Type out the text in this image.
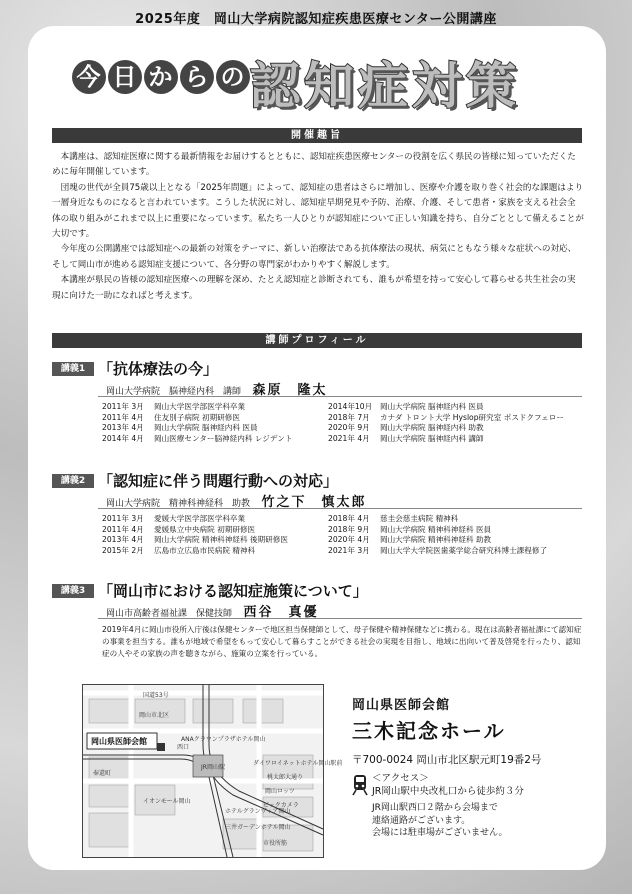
2025年度　岡山大学病院認知症疾患医療センター公開講座
今 日 か ら の 認知症対策
開催趣旨

本講座は、認知症医療に関する最新情報をお届けするとともに、認知症疾患医療センターの役割を広く県民の皆様に知っていただくために毎年開催しています。

団塊の世代が全員75歳以上となる「2025年問題」によって、認知症の患者はさらに増加し、医療や介護を取り巻く社会的な課題はより一層身近なものになると言われています。こうした状況に対し、認知症早期発見や予防、治療、介護、そして患者・家族を支える社会全体の取り組みがこれまで以上に重要になっています。私たち一人ひとりが認知症について正しい知識を持ち、自分ごととして備えることが大切です。

今年度の公開講座では認知症への最新の対策をテーマに、新しい治療法である抗体療法の現状、病気にともなう様々な症状への対応、そして岡山市が進める認知症支援について、各分野の専門家がわかりやすく解説します。

本講座が県民の皆様の認知症医療への理解を深め、たとえ認知症と診断されても、誰もが希望を持って安心して暮らせる共生社会の実現に向けた一助になればと考えます。

講師プロフィール
講義1 「抗体療法の今」
岡山大学病院　脳神経内科　講師 森原　隆太
2011年 3月 岡山大学医学部医学科卒業
2011年 4月 住友別子病院 初期研修医
2013年 4月 岡山大学病院 脳神経内科 医員
2014年 4月 岡山医療センター脳神経内科 レジデント
2014年10月 岡山大学病院 脳神経内科 医員
2018年 7月 カナダ トロント大学 Hyslop研究室 ポスドクフェロー
2020年 9月 岡山大学病院 脳神経内科 助教
2021年 4月 岡山大学病院 脳神経内科 講師
講義2 「認知症に伴う問題行動への対応」
岡山大学病院　精神科神経科　助教 竹之下　慎太郎
2011年 3月 愛媛大学医学部医学科卒業
2011年 4月 愛媛県立中央病院 初期研修医
2013年 4月 岡山大学病院 精神科神経科 後期研修医
2015年 2月 広島市立広島市民病院 精神科
2018年 4月 慈圭会慈圭病院 精神科
2018年 9月 岡山大学病院 精神科神経科 医員
2020年 4月 岡山大学病院 精神科神経科 助教
2021年 3月 岡山大学大学院医歯薬学総合研究科博士課程修了
講義3 「岡山市における認知症施策について」
岡山市高齢者福祉課　保健技師 西谷　真優
2019年4月に岡山市役所入庁後は保健センターで地区担当保健師として、母子保健や精神保健などに携わる。現在は高齢者福祉課にて認知症の事業を担当する。誰もが地域で希望をもって安心して暮らすことができる社会の実現を目指し、地域に出向いて普及啓発を行ったり、認知症の人やその家族の声を聴きながら、施策の立案を行っている。
岡山県医師会館	ANAクラウンプラザホテル岡山
JR岡山駅
ダイワロイネットホテル岡山駅前
西口
ビックカメラ
岡山ロッツ
イオンモール岡山
ホテルグランヴィア岡山
三井ガーデンホテル岡山
奉還町
岡山市北区
国道53号
桃太郎大通り
市役所筋
岡山県医師会館
三木記念ホール
〒700-0024 岡山市北区駅元町19番2号
＜アクセス＞
JR岡山駅中央改札口から徒歩約３分
JR岡山駅西口２階から会場まで
連絡通路がございます。
会場には駐車場がございません。
